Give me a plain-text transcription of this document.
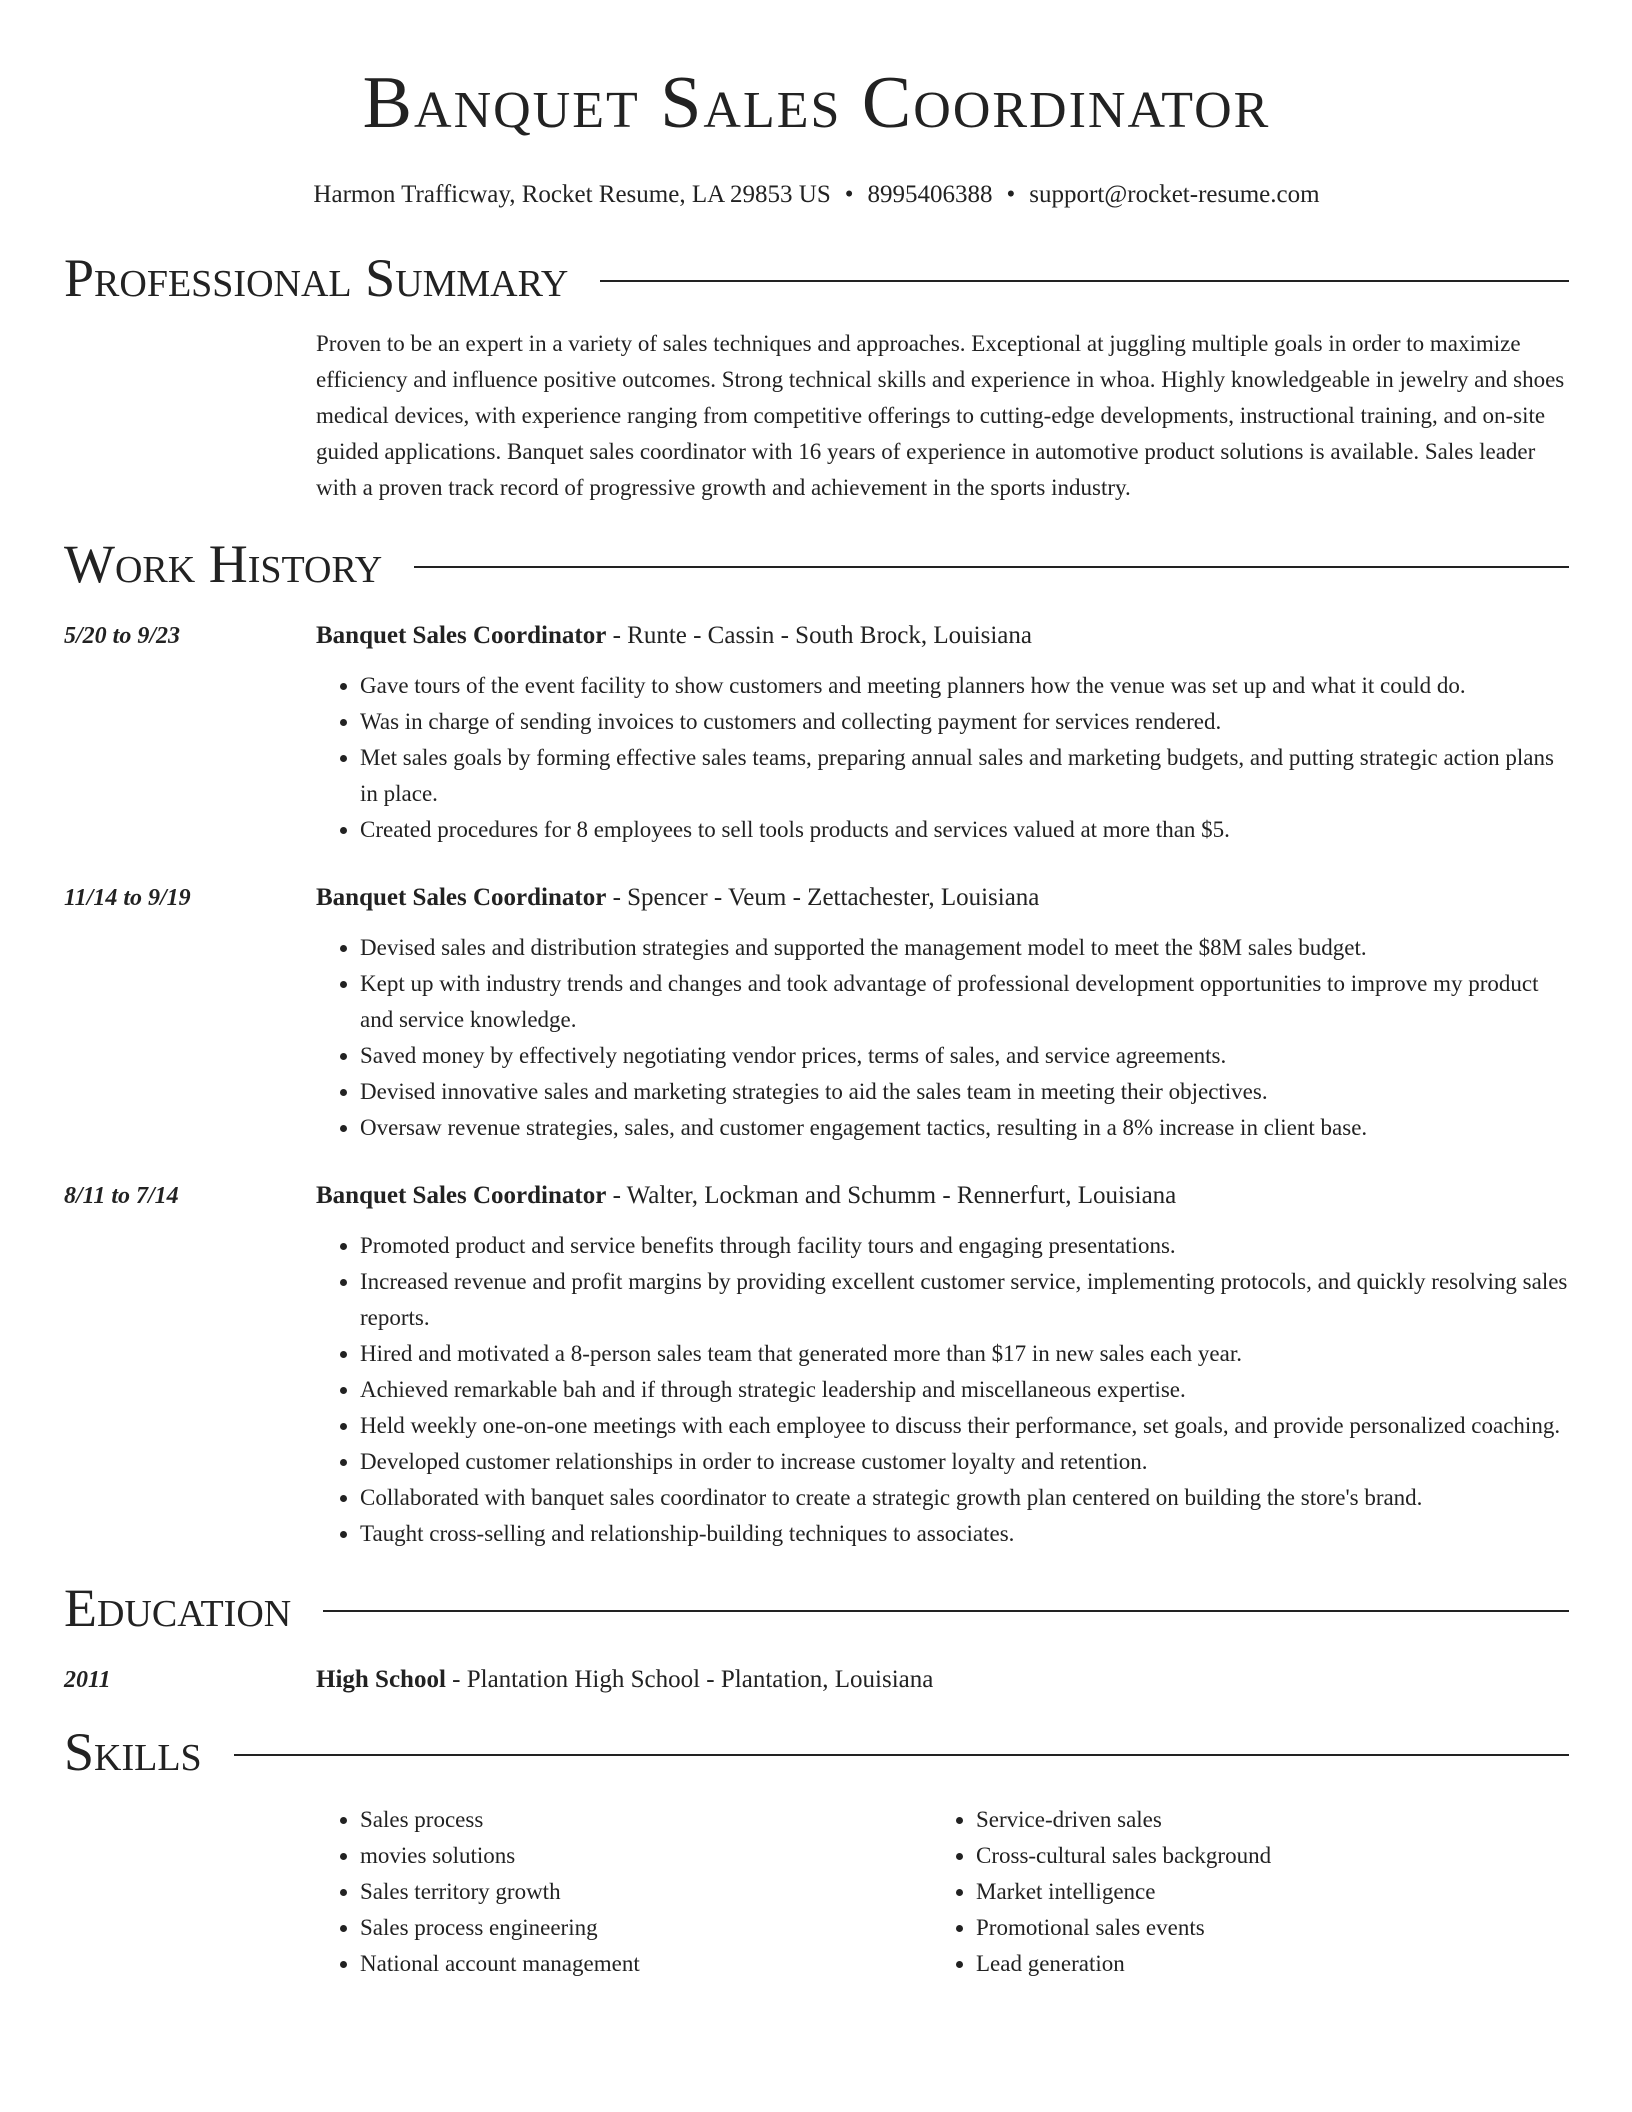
Banquet Sales Coordinator
Harmon Trafficway, Rocket Resume, LA 29853 US • 8995406388 • support@rocket-resume.com
Professional Summary
Proven to be an expert in a variety of sales techniques and approaches. Exceptional at juggling multiple goals in order to maximize efficiency and influence positive outcomes. Strong technical skills and experience in whoa. Highly knowledgeable in jewelry and shoes medical devices, with experience ranging from competitive offerings to cutting-edge developments, instructional training, and on-site guided applications. Banquet sales coordinator with 16 years of experience in automotive product solutions is available. Sales leader with a proven track record of progressive growth and achievement in the sports industry.
Work History
5/20 to 9/23	Banquet Sales Coordinator - Runte - Cassin - South Brock, Louisiana
• Gave tours of the event facility to show customers and meeting planners how the venue was set up and what it could do.
• Was in charge of sending invoices to customers and collecting payment for services rendered.
• Met sales goals by forming effective sales teams, preparing annual sales and marketing budgets, and putting strategic action plans in place.
• Created procedures for 8 employees to sell tools products and services valued at more than $5.
11/14 to 9/19	Banquet Sales Coordinator - Spencer - Veum - Zettachester, Louisiana
• Devised sales and distribution strategies and supported the management model to meet the $8M sales budget.
• Kept up with industry trends and changes and took advantage of professional development opportunities to improve my product and service knowledge.
• Saved money by effectively negotiating vendor prices, terms of sales, and service agreements.
• Devised innovative sales and marketing strategies to aid the sales team in meeting their objectives.
• Oversaw revenue strategies, sales, and customer engagement tactics, resulting in a 8% increase in client base.
8/11 to 7/14	Banquet Sales Coordinator - Walter, Lockman and Schumm - Rennerfurt, Louisiana
• Promoted product and service benefits through facility tours and engaging presentations.
• Increased revenue and profit margins by providing excellent customer service, implementing protocols, and quickly resolving sales reports.
• Hired and motivated a 8-person sales team that generated more than $17 in new sales each year.
• Achieved remarkable bah and if through strategic leadership and miscellaneous expertise.
• Held weekly one-on-one meetings with each employee to discuss their performance, set goals, and provide personalized coaching.
• Developed customer relationships in order to increase customer loyalty and retention.
• Collaborated with banquet sales coordinator to create a strategic growth plan centered on building the store's brand.
• Taught cross-selling and relationship-building techniques to associates.
Education
2011	High School - Plantation High School - Plantation, Louisiana
Skills
• Sales process
• movies solutions
• Sales territory growth
• Sales process engineering
• National account management
• Service-driven sales
• Cross-cultural sales background
• Market intelligence
• Promotional sales events
• Lead generation
